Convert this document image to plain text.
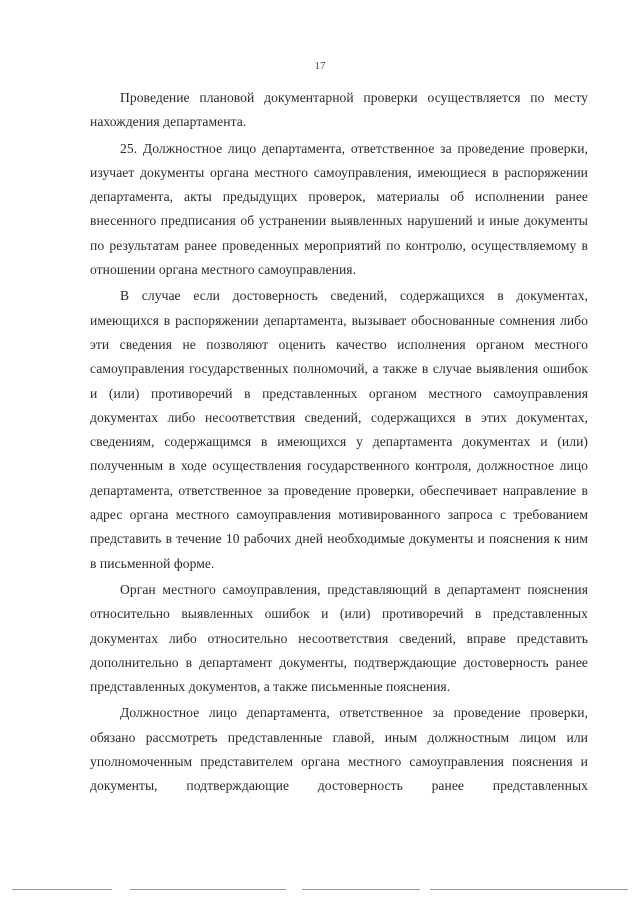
17

Проведение плановой документарной проверки осуществляется по месту нахождения департамента.

25. Должностное лицо департамента, ответственное за проведение проверки, изучает документы органа местного самоуправления, имеющиеся в распоряжении департамента, акты предыдущих проверок, материалы об исполнении ранее внесенного предписания об устранении выявленных нарушений и иные документы по результатам ранее проведенных мероприятий по контролю, осуществляемому в отношении органа местного самоуправления.

В случае если достоверность сведений, содержащихся в документах, имеющихся в распоряжении департамента, вызывает обоснованные сомнения либо эти сведения не позволяют оценить качество исполнения органом местного самоуправления государственных полномочий, а также в случае выявления ошибок и (или) противоречий в представленных органом местного самоуправления документах либо несоответствия сведений, содержащихся в этих документах, сведениям, содержащимся в имеющихся у департамента документах и (или) полученным в ходе осуществления государственного контроля, должностное лицо департамента, ответственное за проведение проверки, обеспечивает направление в адрес органа местного самоуправления мотивированного запроса с требованием представить в течение 10 рабочих дней необходимые документы и пояснения к ним в письменной форме.

Орган местного самоуправления, представляющий в департамент пояснения относительно выявленных ошибок и (или) противоречий в представленных документах либо относительно несоответствия сведений, вправе представить дополнительно в департамент документы, подтверждающие достоверность ранее представленных документов, а также письменные пояснения.

Должностное лицо департамента, ответственное за проведение проверки, обязано рассмотреть представленные главой, иным должностным лицом или уполномоченным представителем органа местного самоуправления пояснения и документы, подтверждающие достоверность ранее представленных
